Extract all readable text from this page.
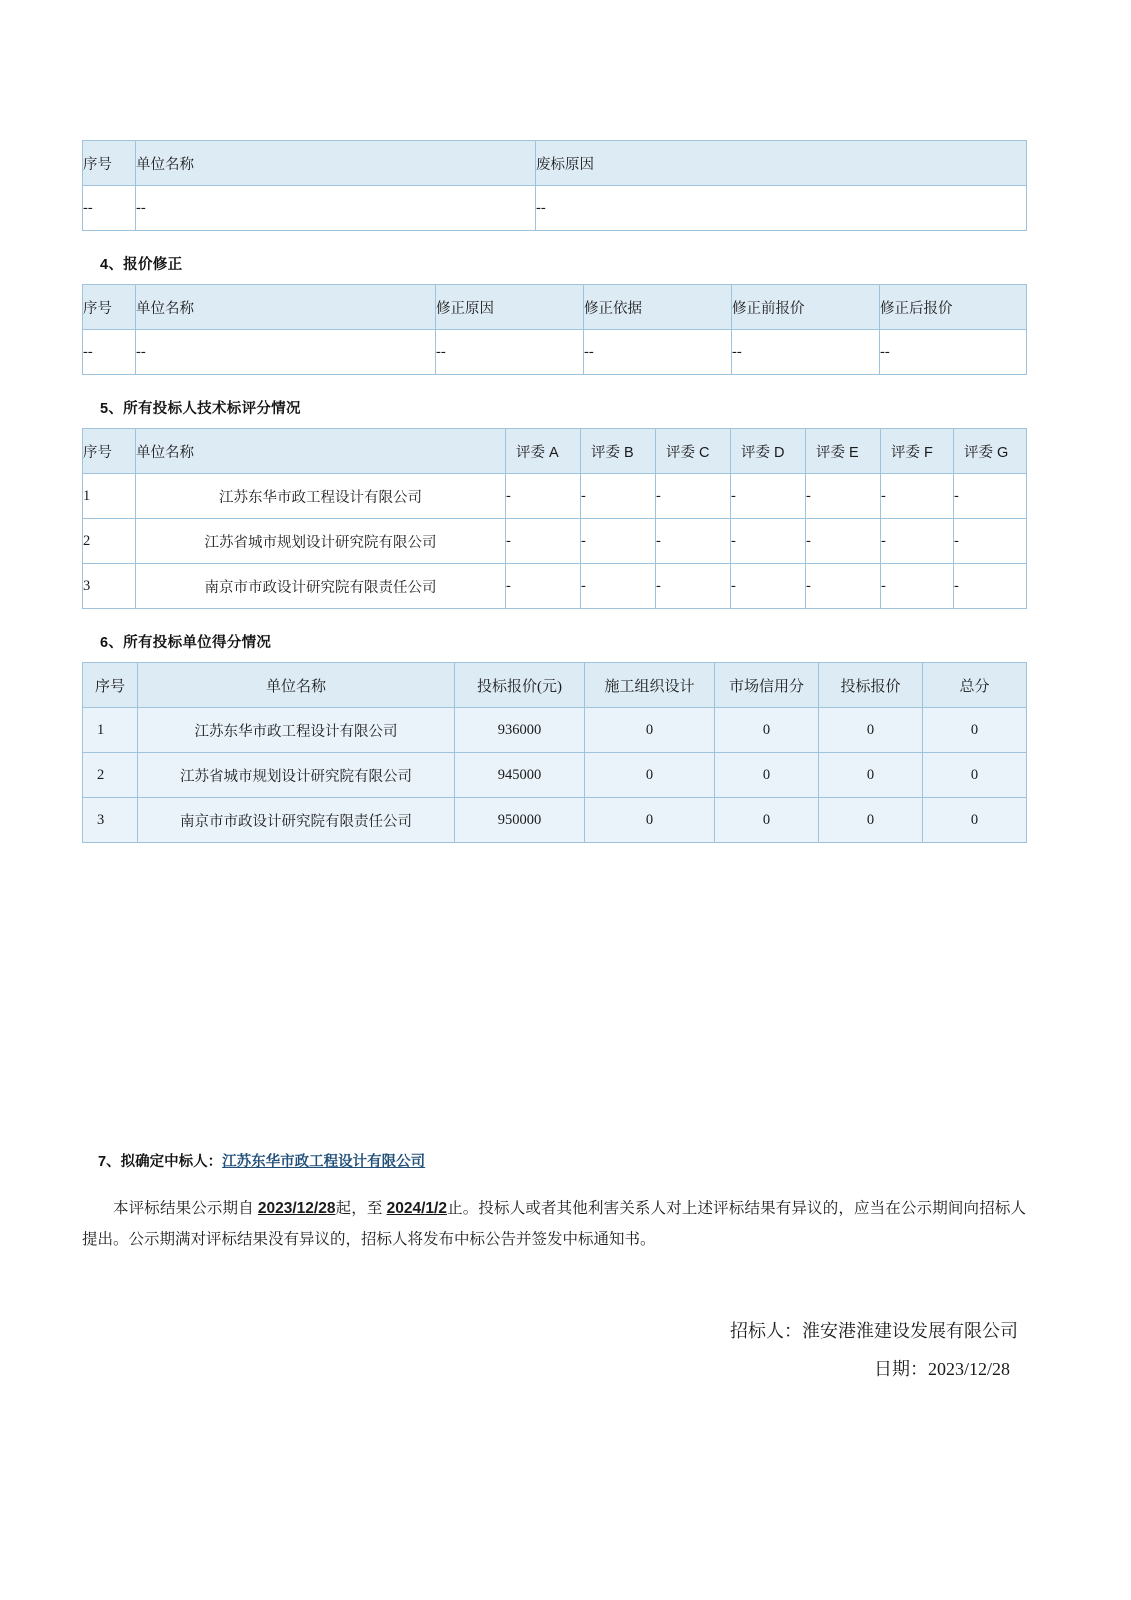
序号	单位名称	废标原因
--	--	--
4、报价修正
序号	单位名称	修正原因	修正依据	修正前报价	修正后报价
--	--	--	--	--	--
5、所有投标人技术标评分情况
序号	单位名称	评委 A	评委 B	评委 C	评委 D	评委 E	评委 F	评委 G
1	江苏东华市政工程设计有限公司	-	-	-	-	-	-	-
2	江苏省城市规划设计研究院有限公司	-	-	-	-	-	-	-
3	南京市市政设计研究院有限责任公司	-	-	-	-	-	-	-
6、所有投标单位得分情况
序号	单位名称	投标报价(元)	施工组织设计	市场信用分	投标报价	总分
1	江苏东华市政工程设计有限公司	936000	0	0	0	0
2	江苏省城市规划设计研究院有限公司	945000	0	0	0	0
3	南京市市政设计研究院有限责任公司	950000	0	0	0	0
7、拟确定中标人：江苏东华市政工程设计有限公司
本评标结果公示期自 2023/12/28起，至 2024/1/2止。投标人或者其他利害关系人对上述评标结果有异议的，应当在公示期间向招标人提出。公示期满对评标结果没有异议的，招标人将发布中标公告并签发中标通知书。
招标人：淮安港淮建设发展有限公司
日期：2023/12/28
